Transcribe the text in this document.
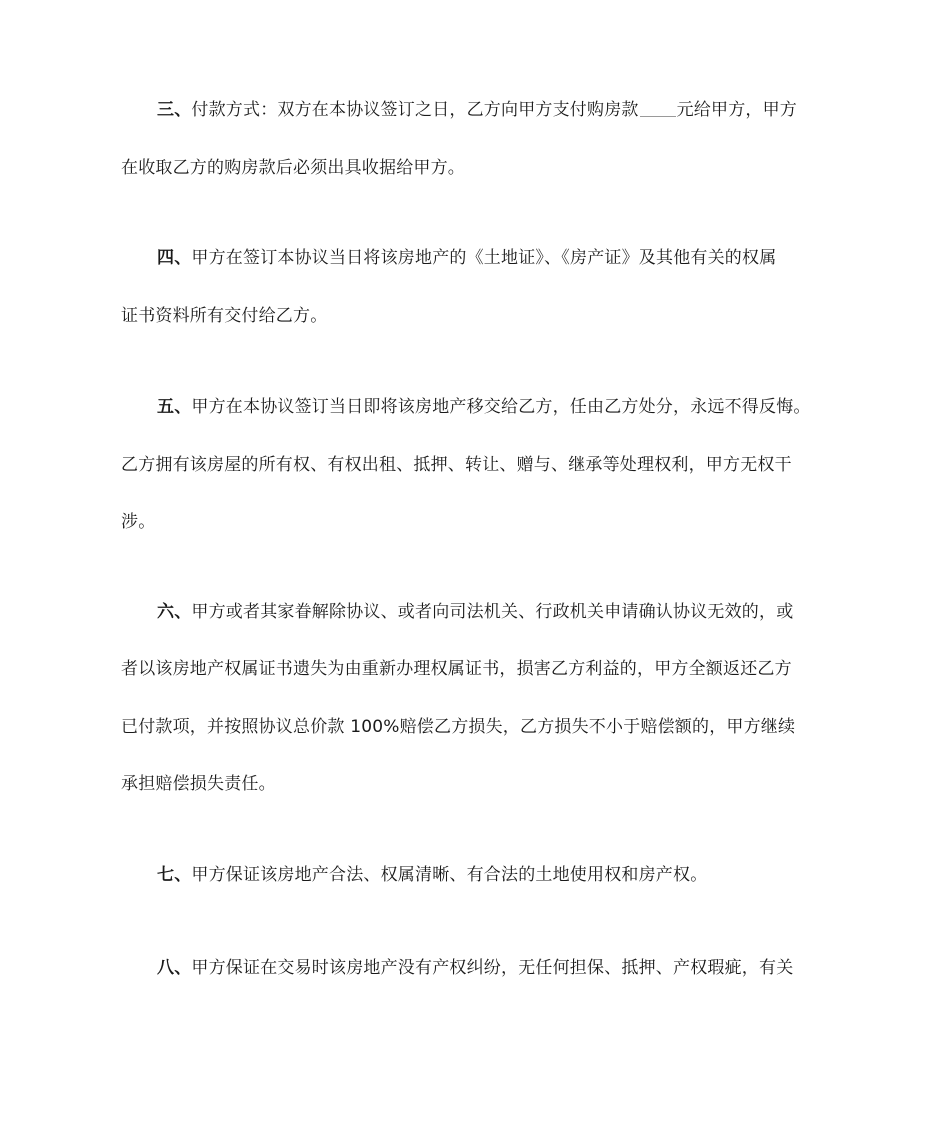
三、付款方式：双方在本协议签订之日，乙方向甲方支付购房款 元给甲方，甲方
在收取乙方的购房款后必须出具收据给甲方。
四、甲方在签订本协议当日将该房地产的《土地证》、《房产证》及其他有关的权属
证书资料所有交付给乙方。
五、甲方在本协议签订当日即将该房地产移交给乙方，任由乙方处分，永远不得反悔。
乙方拥有该房屋的所有权、有权出租、抵押、转让、赠与、继承等处理权利，甲方无权干
涉。
六、甲方或者其家眷解除协议、或者向司法机关、行政机关申请确认协议无效的，或
者以该房地产权属证书遗失为由重新办理权属证书，损害乙方利益的，甲方全额返还乙方
已付款项，并按照协议总价款 100%赔偿乙方损失，乙方损失不小于赔偿额的，甲方继续
承担赔偿损失责任。
七、甲方保证该房地产合法、权属清晰、有合法的土地使用权和房产权。
八、甲方保证在交易时该房地产没有产权纠纷，无任何担保、抵押、产权瑕疵，有关
